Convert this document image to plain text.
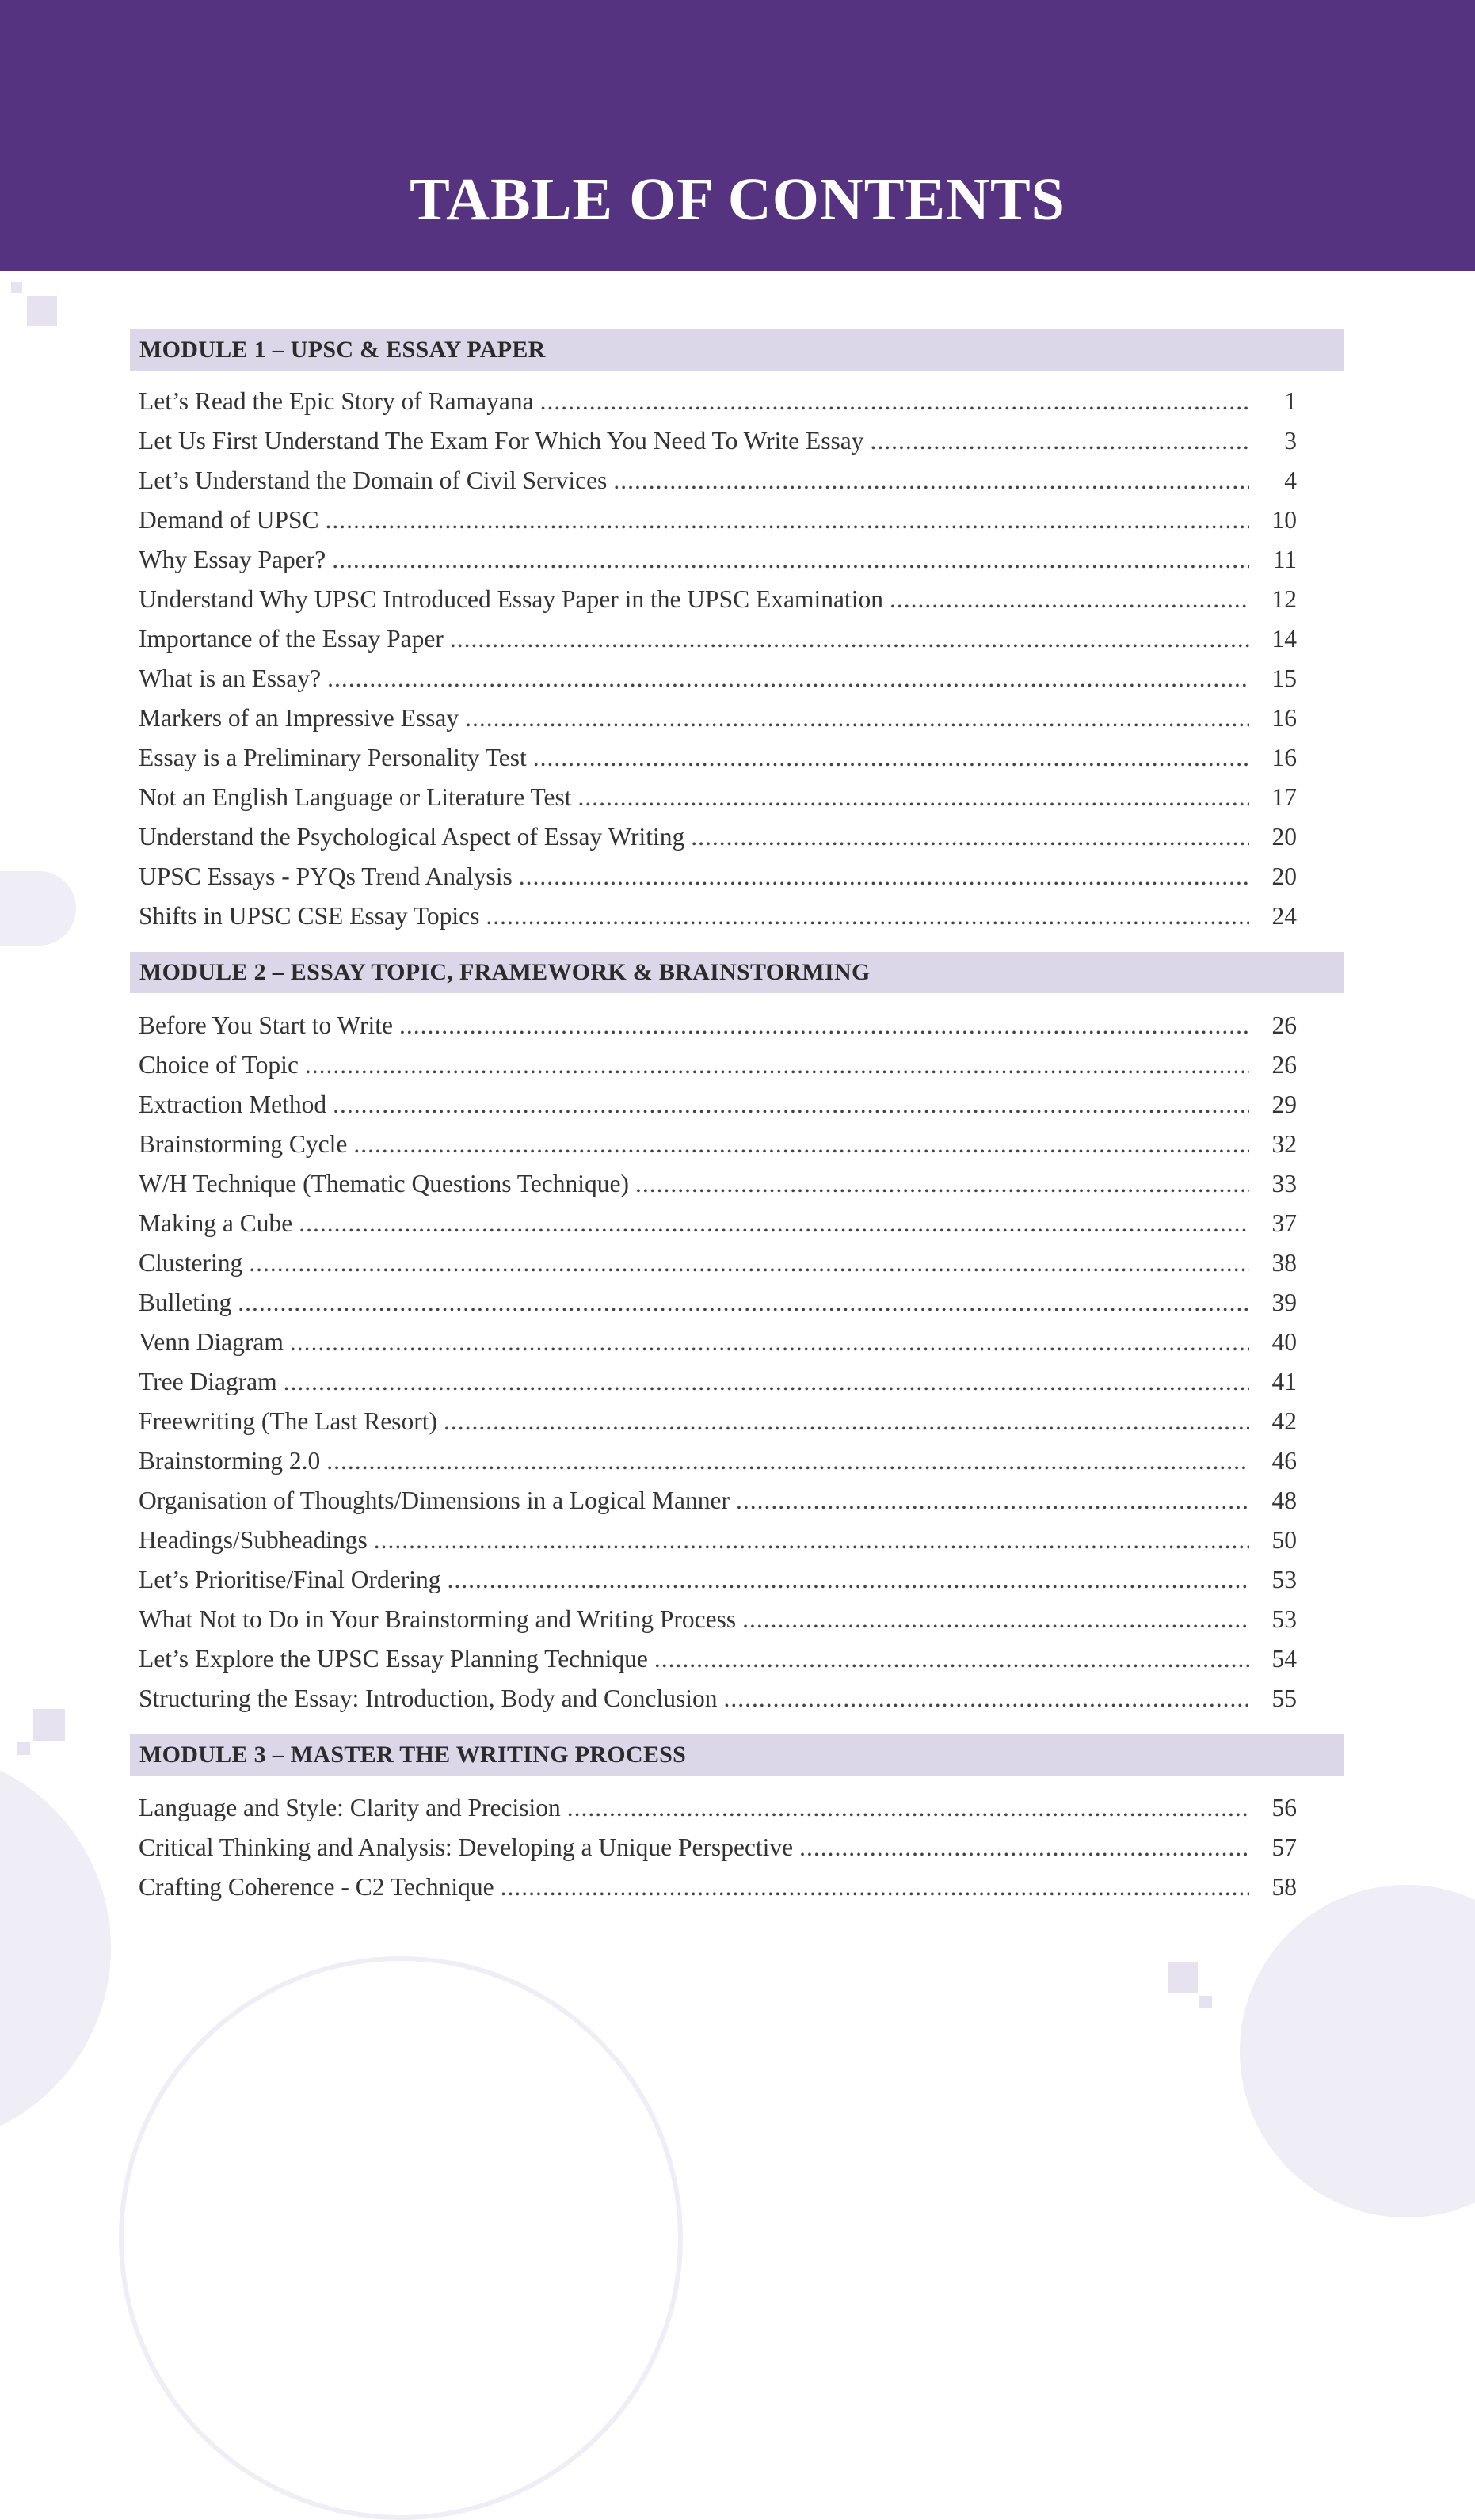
TABLE OF CONTENTS
MODULE 1 – UPSC & ESSAY PAPER
Let’s Read the Epic Story of Ramayana .....	1
Let Us First Understand The Exam For Which You Need To Write Essay .....	3
Let’s Understand the Domain of Civil Services .....	4
Demand of UPSC .....	10
Why Essay Paper? .....	11
Understand Why UPSC Introduced Essay Paper in the UPSC Examination .....	12
Importance of the Essay Paper .....	14
What is an Essay? .....	15
Markers of an Impressive Essay .....	16
Essay is a Preliminary Personality Test .....	16
Not an English Language or Literature Test .....	17
Understand the Psychological Aspect of Essay Writing .....	20
UPSC Essays - PYQs Trend Analysis .....	20
Shifts in UPSC CSE Essay Topics .....	24
MODULE 2 – ESSAY TOPIC, FRAMEWORK & BRAINSTORMING
Before You Start to Write .....	26
Choice of Topic .....	26
Extraction Method .....	29
Brainstorming Cycle .....	32
W/H Technique (Thematic Questions Technique) .....	33
Making a Cube .....	37
Clustering .....	38
Bulleting .....	39
Venn Diagram .....	40
Tree Diagram .....	41
Freewriting (The Last Resort) .....	42
Brainstorming 2.0 .....	46
Organisation of Thoughts/Dimensions in a Logical Manner .....	48
Headings/Subheadings .....	50
Let’s Prioritise/Final Ordering .....	53
What Not to Do in Your Brainstorming and Writing Process .....	53
Let’s Explore the UPSC Essay Planning Technique .....	54
Structuring the Essay: Introduction, Body and Conclusion .....	55
MODULE 3 – MASTER THE WRITING PROCESS
Language and Style: Clarity and Precision .....	56
Critical Thinking and Analysis: Developing a Unique Perspective .....	57
Crafting Coherence - C2 Technique .....	58
